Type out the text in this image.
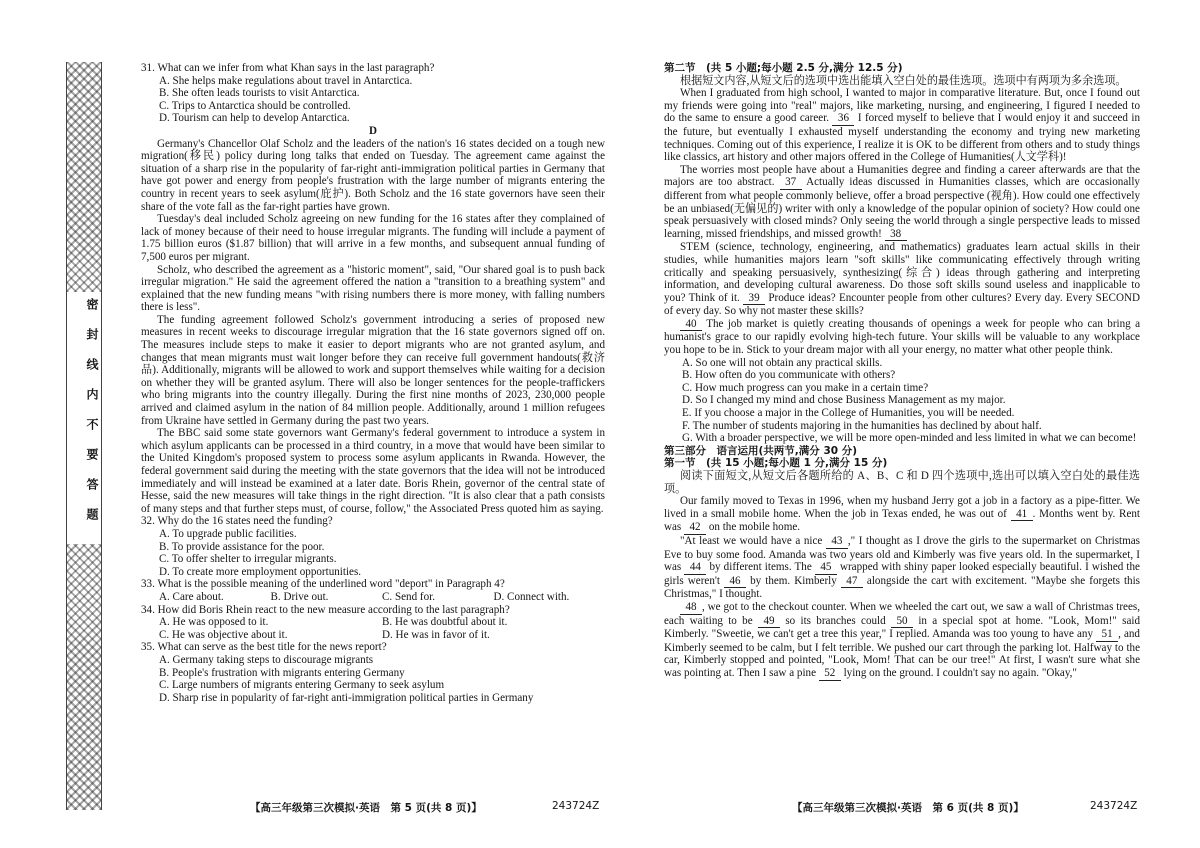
密封线内不要答题

31. What can we infer from what Khan says in the last paragraph?

A. She helps make regulations about travel in Antarctica.

B. She often leads tourists to visit Antarctica.

C. Trips to Antarctica should be controlled.

D. Tourism can help to develop Antarctica.

D

Germany's Chancellor Olaf Scholz and the leaders of the nation's 16 states decided on a tough new migration(移民) policy during long talks that ended on Tuesday. The agreement came against the situation of a sharp rise in the popularity of far-right anti-immigration political parties in Germany that have got power and energy from people's frustration with the large number of migrants entering the country in recent years to seek asylum(庇护). Both Scholz and the 16 state governors have seen their share of the vote fall as the far-right parties have grown.

Tuesday's deal included Scholz agreeing on new funding for the 16 states after they complained of lack of money because of their need to house irregular migrants. The funding will include a payment of 1.75 billion euros ($1.87 billion) that will arrive in a few months, and subsequent annual funding of 7,500 euros per migrant.

Scholz, who described the agreement as a "historic moment", said, "Our shared goal is to push back irregular migration." He said the agreement offered the nation a "transition to a breathing system" and explained that the new funding means "with rising numbers there is more money, with falling numbers there is less".

The funding agreement followed Scholz's government introducing a series of proposed new measures in recent weeks to discourage irregular migration that the 16 state governors signed off on. The measures include steps to make it easier to deport migrants who are not granted asylum, and changes that mean migrants must wait longer before they can receive full government handouts(救济品). Additionally, migrants will be allowed to work and support themselves while waiting for a decision on whether they will be granted asylum. There will also be longer sentences for the people-traffickers who bring migrants into the country illegally. During the first nine months of 2023, 230,000 people arrived and claimed asylum in the nation of 84 million people. Additionally, around 1 million refugees from Ukraine have settled in Germany during the past two years.

The BBC said some state governors want Germany's federal government to introduce a system in which asylum applicants can be processed in a third country, in a move that would have been similar to the United Kingdom's proposed system to process some asylum applicants in Rwanda. However, the federal government said during the meeting with the state governors that the idea will not be introduced immediately and will instead be examined at a later date. Boris Rhein, governor of the central state of Hesse, said the new measures will take things in the right direction. "It is also clear that a path consists of many steps and that further steps must, of course, follow," the Associated Press quoted him as saying.

32. Why do the 16 states need the funding?

A. To upgrade public facilities.

B. To provide assistance for the poor.

C. To offer shelter to irregular migrants.

D. To create more employment opportunities.

33. What is the possible meaning of the underlined word "deport" in Paragraph 4?

A. Care about.	B. Drive out.	C. Send for.	D. Connect with.

34. How did Boris Rhein react to the new measure according to the last paragraph?

A. He was opposed to it.	B. He was doubtful about it.
C. He was objective about it.	D. He was in favor of it.

35. What can serve as the best title for the news report?

A. Germany taking steps to discourage migrants

B. People's frustration with migrants entering Germany

C. Large numbers of migrants entering Germany to seek asylum

D. Sharp rise in popularity of far-right anti-immigration political parties in Germany

【高三年级第三次模拟·英语　第 5 页(共 8 页)】	243724Z

第二节　(共 5 小题;每小题 2.5 分,满分 12.5 分)

根据短文内容,从短文后的选项中选出能填入空白处的最佳选项。选项中有两项为多余选项。

When I graduated from high school, I wanted to major in comparative literature. But, once I found out my friends were going into "real" majors, like marketing, nursing, and engineering, I figured I needed to do the same to ensure a good career. 36 I forced myself to believe that I would enjoy it and succeed in the future, but eventually I exhausted myself understanding the economy and trying new marketing techniques. Coming out of this experience, I realize it is OK to be different from others and to study things like classics, art history and other majors offered in the College of Humanities(人文学科)!

The worries most people have about a Humanities degree and finding a career afterwards are that the majors are too abstract. 37 Actually ideas discussed in Humanities classes, which are occasionally different from what people commonly believe, offer a broad perspective (视角). How could one effectively be an unbiased(无偏见的) writer with only a knowledge of the popular opinion of society? How could one speak persuasively with closed minds? Only seeing the world through a single perspective leads to missed learning, missed friendships, and missed growth! 38

STEM (science, technology, engineering, and mathematics) graduates learn actual skills in their studies, while humanities majors learn "soft skills" like communicating effectively through writing critically and speaking persuasively, synthesizing(综合) ideas through gathering and interpreting information, and developing cultural awareness. Do those soft skills sound useless and inapplicable to you? Think of it. 39 Produce ideas? Encounter people from other cultures? Every day. Every SECOND of every day. So why not master these skills?

40 The job market is quietly creating thousands of openings a week for people who can bring a humanist's grace to our rapidly evolving high-tech future. Your skills will be valuable to any workplace you hope to be in. Stick to your dream major with all your energy, no matter what other people think.

A. So one will not obtain any practical skills.

B. How often do you communicate with others?

C. How much progress can you make in a certain time?

D. So I changed my mind and chose Business Management as my major.

E. If you choose a major in the College of Humanities, you will be needed.

F. The number of students majoring in the humanities has declined by about half.

G. With a broader perspective, we will be more open-minded and less limited in what we can become!

第三部分　语言运用(共两节,满分 30 分)

第一节　(共 15 小题;每小题 1 分,满分 15 分)

阅读下面短文,从短文后各题所给的 A、B、C 和 D 四个选项中,选出可以填入空白处的最佳选项。

Our family moved to Texas in 1996, when my husband Jerry got a job in a factory as a pipe-fitter. We lived in a small mobile home. When the job in Texas ended, he was out of 41 . Months went by. Rent was 42 on the mobile home.

"At least we would have a nice 43 ," I thought as I drove the girls to the supermarket on Christmas Eve to buy some food. Amanda was two years old and Kimberly was five years old. In the supermarket, I was 44 by different items. The 45 wrapped with shiny paper looked especially beautiful. I wished the girls weren't 46 by them. Kimberly 47 alongside the cart with excitement. "Maybe she forgets this Christmas," I thought.

48 , we got to the checkout counter. When we wheeled the cart out, we saw a wall of Christmas trees, each waiting to be 49 so its branches could 50 in a special spot at home. "Look, Mom!" said Kimberly. "Sweetie, we can't get a tree this year," I replied. Amanda was too young to have any 51 , and Kimberly seemed to be calm, but I felt terrible. We pushed our cart through the parking lot. Halfway to the car, Kimberly stopped and pointed, "Look, Mom! That can be our tree!" At first, I wasn't sure what she was pointing at. Then I saw a pine 52 lying on the ground. I couldn't say no again. "Okay,"

【高三年级第三次模拟·英语　第 6 页(共 8 页)】	243724Z
